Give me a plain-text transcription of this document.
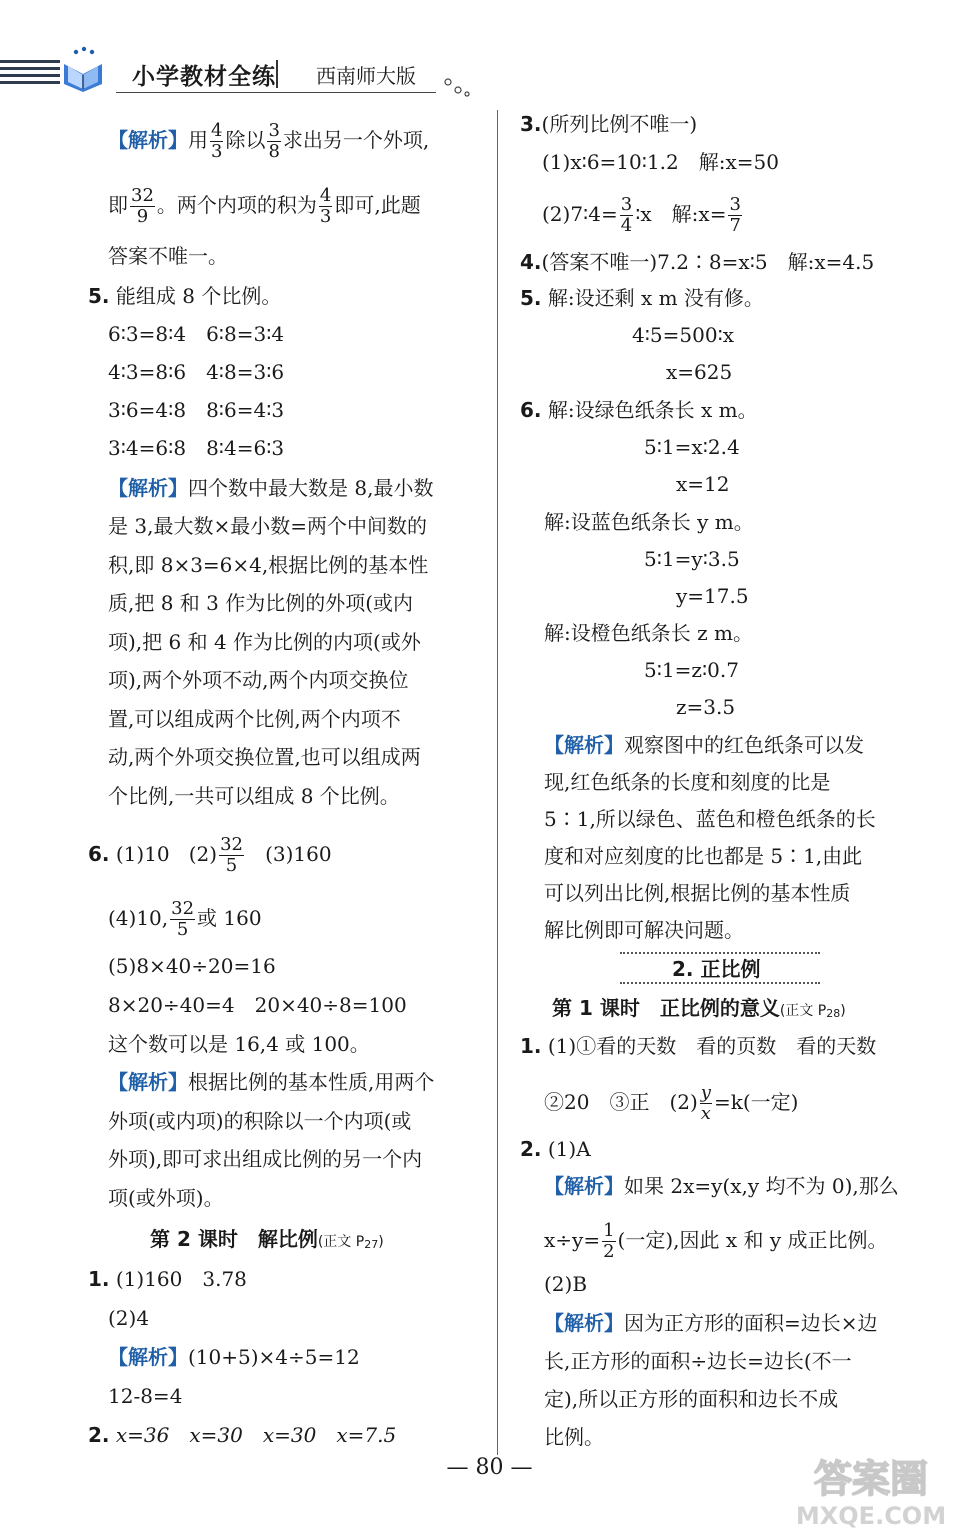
小学教材全练 西南师大版
【解析】用 $\frac{4}{3}$ 除以 $\frac{3}{8}$ 求出另一个外项,
即 $\frac{32}{9}$ 。两个内项的积为 $\frac{4}{3}$ 即可,此题
答案不唯一。
5. 能组成 8 个比例。
6∶3=8∶4　6∶8=3∶4
4∶3=8∶6　4∶8=3∶6
3∶6=4∶8　8∶6=4∶3
3∶4=6∶8　8∶4=6∶3
【解析】四个数中最大数是 8,最小数
是 3,最大数×最小数=两个中间数的
积,即 8×3=6×4,根据比例的基本性
质,把 8 和 3 作为比例的外项(或内
项),把 6 和 4 作为比例的内项(或外
项),两个外项不动,两个内项交换位
置,可以组成两个比例,两个内项不
动,两个外项交换位置,也可以组成两
个比例,一共可以组成 8 个比例。
6. (1)10 $(2) \frac{32}{5} (3)160$
(4)10, $\frac{32}{5}$ 或 160
(5)8×40÷20=16
8×20÷40=4　20×40÷8=100
这个数可以是 16,4 或 100。
【解析】根据比例的基本性质,用两个
外项(或内项)的积除以一个内项(或
外项),即可求出组成比例的另一个内
项(或外项)。
第 2 课时　解比例(正文 P27)
1. (1)160　3.78
(2)4
【解析】(10+5)×4÷5=12
12-8=4
2. x=36　x=30　x=30　x=7.5
3.(所列比例不唯一)
(1)x∶6=10∶1.2　解:x=50
(2)7∶4= $\frac{3}{4}$ ∶x　解:x= $\frac{3}{7}$
4.(答案不唯一)7.2∶8=x∶5　解:x=4.5
5. 解:设还剩 x m 没有修。
4∶5=500∶x
x=625
6. 解:设绿色纸条长 x m。
5∶1=x∶2.4
x=12
解:设蓝色纸条长 y m。
5∶1=y∶3.5
y=17.5
解:设橙色纸条长 z m。
5∶1=z∶0.7
z=3.5
【解析】观察图中的红色纸条可以发
现,红色纸条的长度和刻度的比是
5∶1,所以绿色、蓝色和橙色纸条的长
度和对应刻度的比也都是 5∶1,由此
可以列出比例,根据比例的基本性质
解比例即可解决问题。
2. 正比例
第 1 课时　正比例的意义(正文 P28)
1. (1)①看的天数　看的页数　看的天数
②20　③正　$(2) \frac{y}{x} =k$(一定)
2. (1)A
【解析】如果 2x=y(x,y 均不为 0),那么
$x\div y= \frac{1}{2}$ (一定),因此 x 和 y 成正比例。
(2)B
【解析】因为正方形的面积=边长×边
长,正方形的面积÷边长=边长(不一
定),所以正方形的面积和边长不成
比例。
— 80 —	答案圈
MXQE.COM
